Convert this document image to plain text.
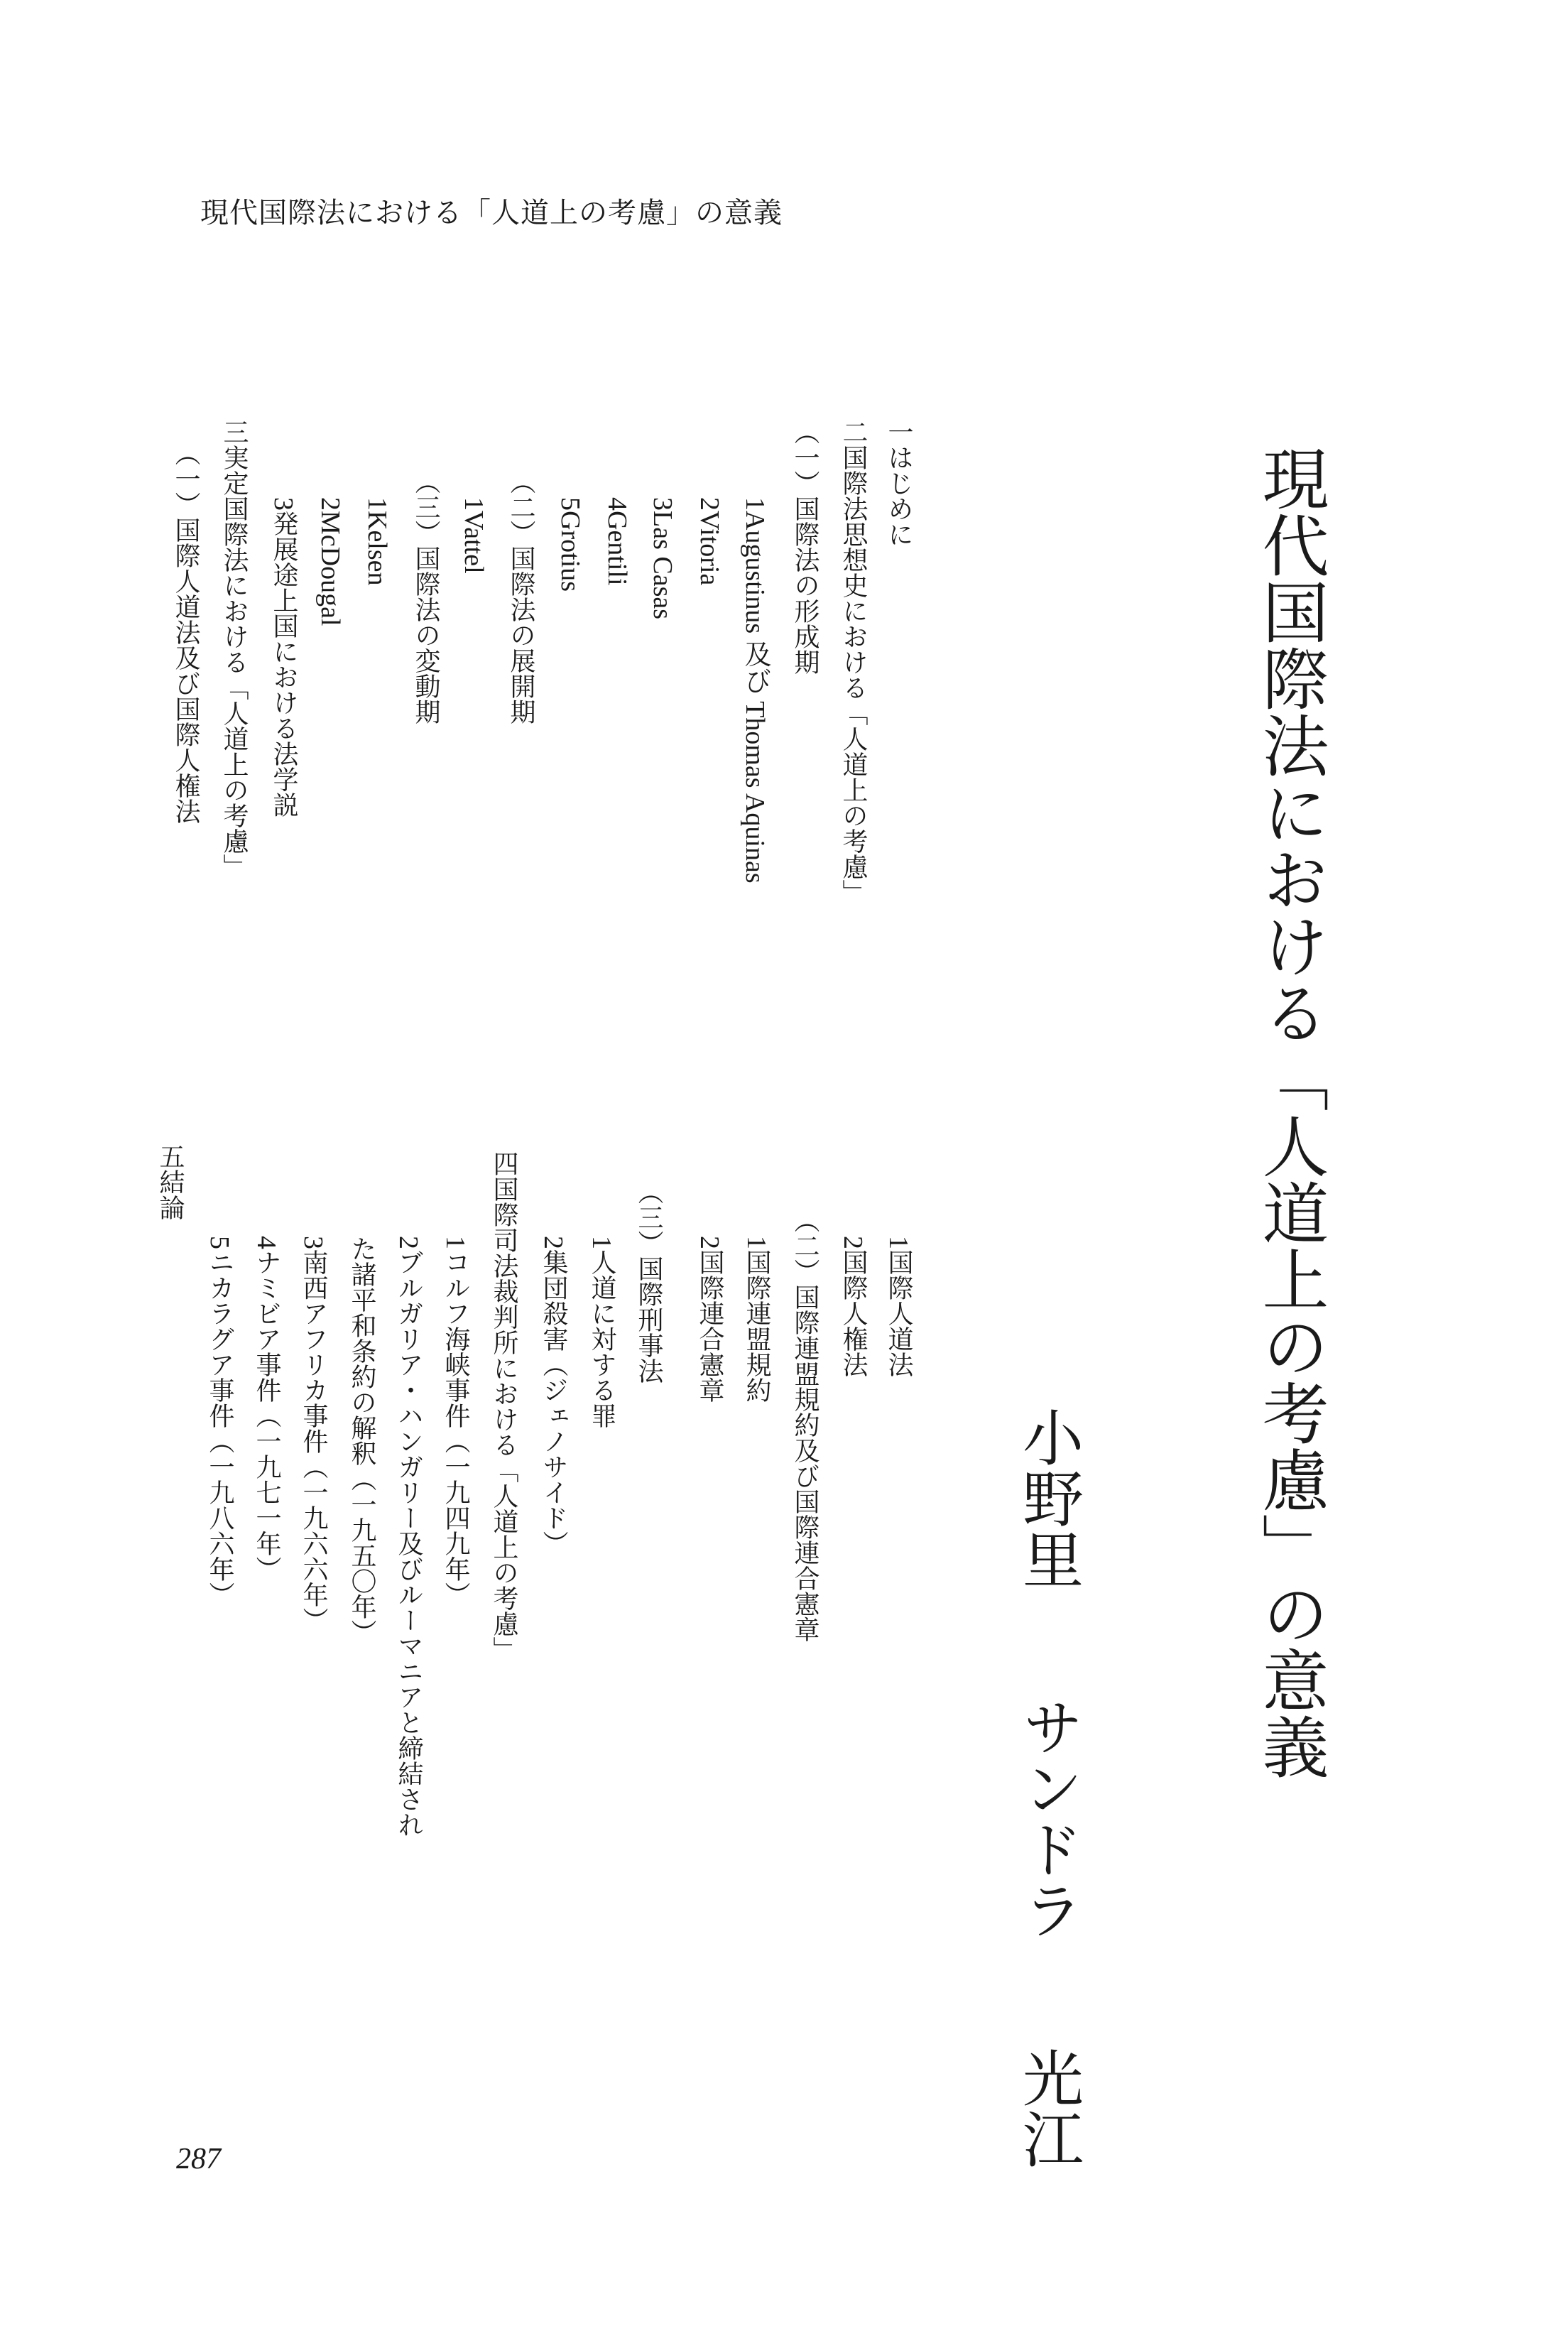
現代国際法における「人道上の考慮」の意義
現代国際法における「人道上の考慮」の意義
小野里サンドラ光江
一はじめに
二国際法思想史における「人道上の考慮」
（一）国際法の形成期
1Augustinus 及び Thomas Aquinas
2Vitoria
3Las Casas
4Gentili
5Grotius
（二）国際法の展開期
1Vattel
（三）国際法の変動期
1Kelsen
2McDougal
3発展途上国における法学説
三実定国際法における「人道上の考慮」
（一）国際人道法及び国際人権法
1国際人道法
2国際人権法
（二）国際連盟規約及び国際連合憲章
1国際連盟規約
2国際連合憲章
（三）国際刑事法
1人道に対する罪
2集団殺害（ジェノサイド）
四国際司法裁判所における「人道上の考慮」
1コルフ海峡事件（一九四九年）
2ブルガリア・ハンガリー及びルーマニアと締結され
た諸平和条約の解釈（一九五〇年）
3南西アフリカ事件（一九六六年）
4ナミビア事件（一九七一年）
5ニカラグア事件（一九八六年）
五結論
287
